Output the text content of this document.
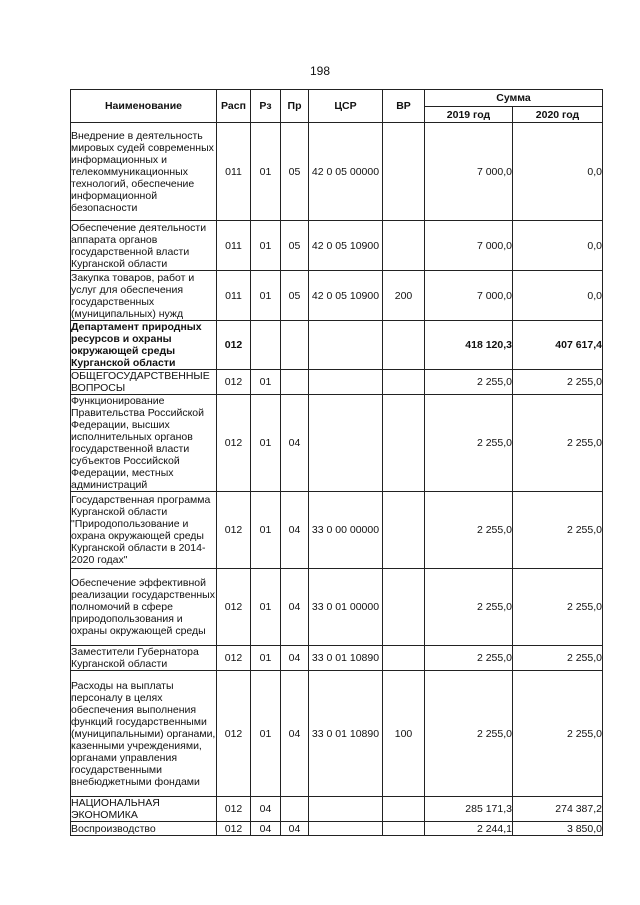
198
Наименование	Расп	Рз	Пр	ЦСР	ВР	Сумма	
						2019 год	2020 год
Внедрение в деятельность мировых судей современных информационных и телекоммуникационных технологий, обеспечение информационной безопасности	011	01	05	42 0 05 00000		7 000,0	0,0
Обеспечение деятельности аппарата органов государственной власти Курганской области	011	01	05	42 0 05 10900		7 000,0	0,0
Закупка товаров, работ и услуг для обеспечения государственных (муниципальных) нужд	011	01	05	42 0 05 10900	200	7 000,0	0,0
Департамент природных ресурсов и охраны окружающей среды Курганской области	012					418 120,3	407 617,4
ОБЩЕГОСУДАРСТВЕННЫЕ ВОПРОСЫ	012	01				2 255,0	2 255,0
Функционирование Правительства Российской Федерации, высших исполнительных органов государственной власти субъектов Российской Федерации, местных администраций	012	01	04			2 255,0	2 255,0
Государственная программа Курганской области "Природопользование и охрана окружающей среды Курганской области в 2014-2020 годах"	012	01	04	33 0 00 00000		2 255,0	2 255,0
Обеспечение эффективной реализации государственных полномочий в сфере природопользования и охраны окружающей среды	012	01	04	33 0 01 00000		2 255,0	2 255,0
Заместители Губернатора Курганской области	012	01	04	33 0 01 10890		2 255,0	2 255,0
Расходы на выплаты персоналу в целях обеспечения выполнения функций государственными (муниципальными) органами, казенными учреждениями, органами управления государственными внебюджетными фондами	012	01	04	33 0 01 10890	100	2 255,0	2 255,0
НАЦИОНАЛЬНАЯ ЭКОНОМИКА	012	04				285 171,3	274 387,2
Воспроизводство	012	04	04			2 244,1	3 850,0
